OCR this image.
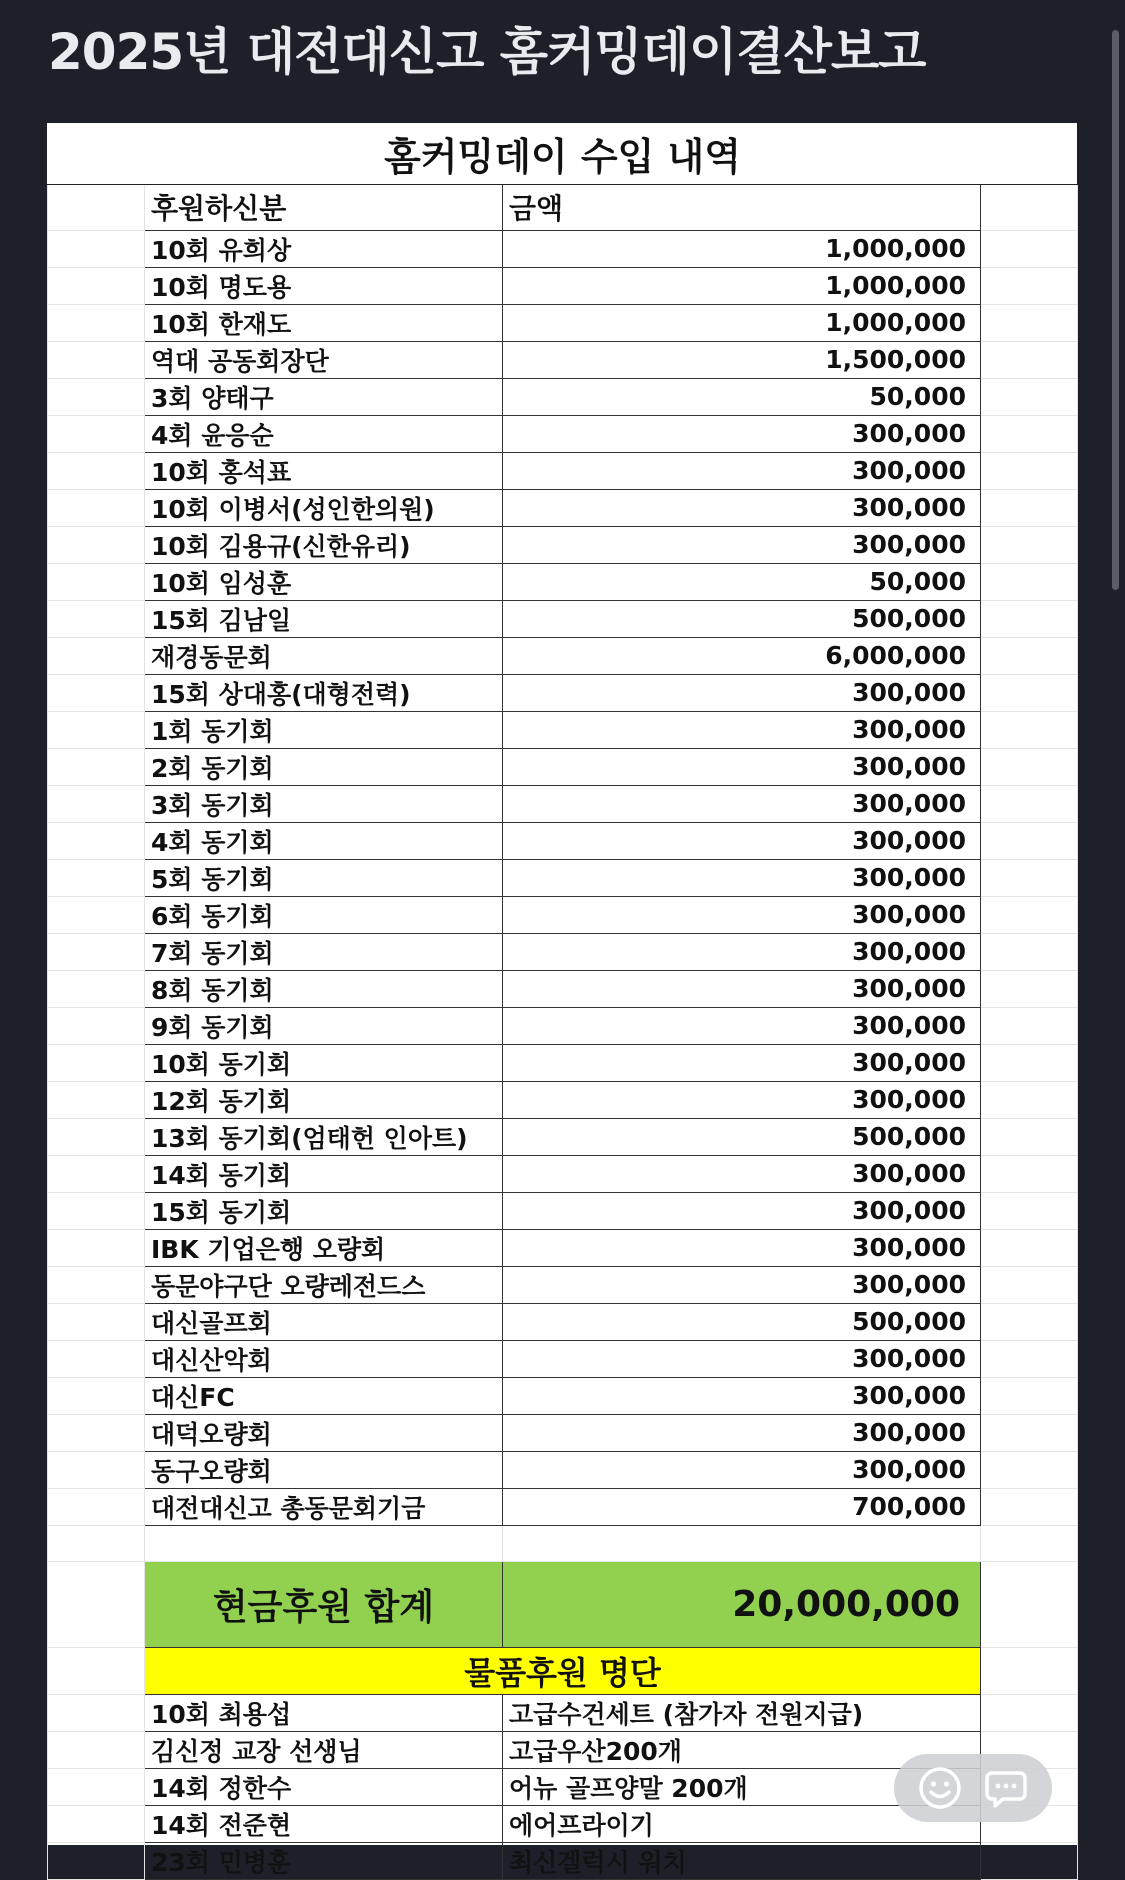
2025년 대전대신고 홈커밍데이결산보고
홈커밍데이 수입 내역			
	후원하신분	금액	
	10회 유희상	1,000,000	
	10회 명도용	1,000,000	
	10회 한재도	1,000,000	
	역대 공동회장단	1,500,000	
	3회 양태구	50,000	
	4회 윤응순	300,000	
	10회 홍석표	300,000	
	10회 이병서(성인한의원)	300,000	
	10회 김용규(신한유리)	300,000	
	10회 임성훈	50,000	
	15회 김남일	500,000	
	재경동문회	6,000,000	
	15회 상대홍(대형전력)	300,000	
	1회 동기회	300,000	
	2회 동기회	300,000	
	3회 동기회	300,000	
	4회 동기회	300,000	
	5회 동기회	300,000	
	6회 동기회	300,000	
	7회 동기회	300,000	
	8회 동기회	300,000	
	9회 동기회	300,000	
	10회 동기회	300,000	
	12회 동기회	300,000	
	13회 동기회(엄태헌 인아트)	500,000	
	14회 동기회	300,000	
	15회 동기회	300,000	
	IBK 기업은행 오량회	300,000	
	동문야구단 오량레전드스	300,000	
	대신골프회	500,000	
	대신산악회	300,000	
	대신FC	300,000	
	대덕오량회	300,000	
	동구오량회	300,000	
	대전대신고 총동문회기금	700,000	

	현금후원 합계	20,000,000	
	물품후원 명단		
	10회 최용섭	고급수건세트 (참가자 전원지급)	
	김신정 교장 선생님	고급우산200개	
	14회 정한수	어뉴 골프양말 200개	
	14회 전준현	에어프라이기	
	23회 민병훈	최신겔럭시 워치	
